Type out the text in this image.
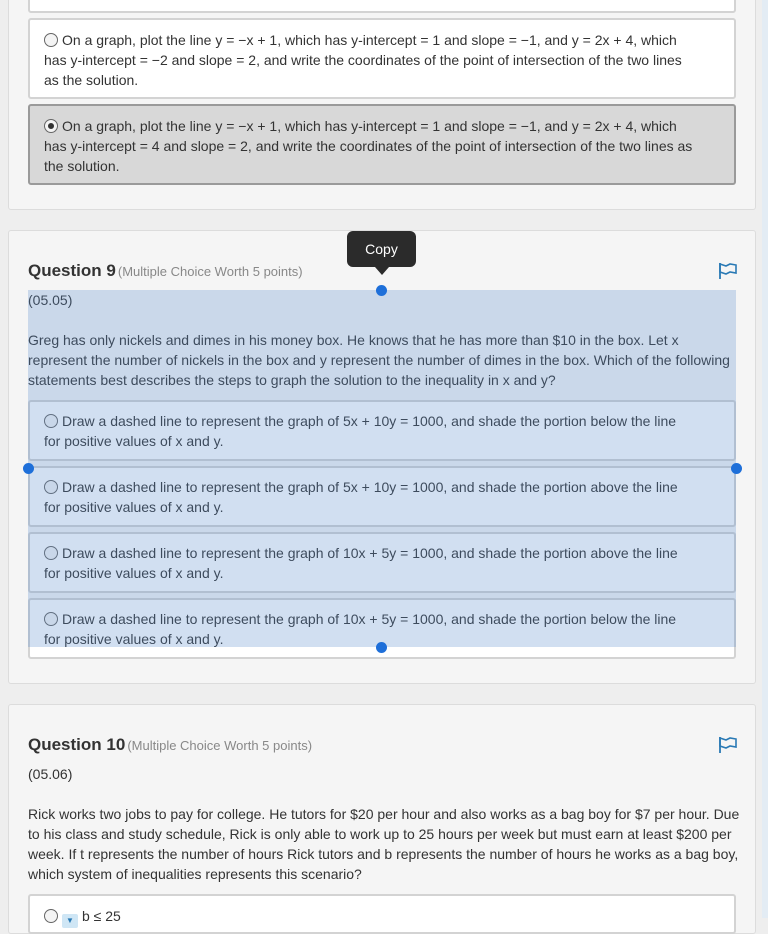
On a graph, plot the line y = −x + 1, which has y-intercept = 1 and slope = −1, and y = 2x + 4, which has y-intercept = −2 and slope = 2, and write the coordinates of the point of intersection of the two lines as the solution.
On a graph, plot the line y = −x + 1, which has y-intercept = 1 and slope = −1, and y = 2x + 4, which has y-intercept = 4 and slope = 2, and write the coordinates of the point of intersection of the two lines as the solution.
Question 9 (Multiple Choice Worth 5 points)
(05.05)
Greg has only nickels and dimes in his money box. He knows that he has more than $10 in the box. Let x represent the number of nickels in the box and y represent the number of dimes in the box. Which of the following statements best describes the steps to graph the solution to the inequality in x and y?
Draw a dashed line to represent the graph of 5x + 10y = 1000, and shade the portion below the line for positive values of x and y.
Draw a dashed line to represent the graph of 5x + 10y = 1000, and shade the portion above the line for positive values of x and y.
Draw a dashed line to represent the graph of 10x + 5y = 1000, and shade the portion above the line for positive values of x and y.
Draw a dashed line to represent the graph of 10x + 5y = 1000, and shade the portion below the line for positive values of x and y.
Copy
Question 10 (Multiple Choice Worth 5 points)
(05.06)
Rick works two jobs to pay for college. He tutors for $20 per hour and also works as a bag boy for $7 per hour. Due to his class and study schedule, Rick is only able to work up to 25 hours per week but must earn at least $200 per week. If t represents the number of hours Rick tutors and b represents the number of hours he works as a bag boy, which system of inequalities represents this scenario?
▼ b ≤ 25
